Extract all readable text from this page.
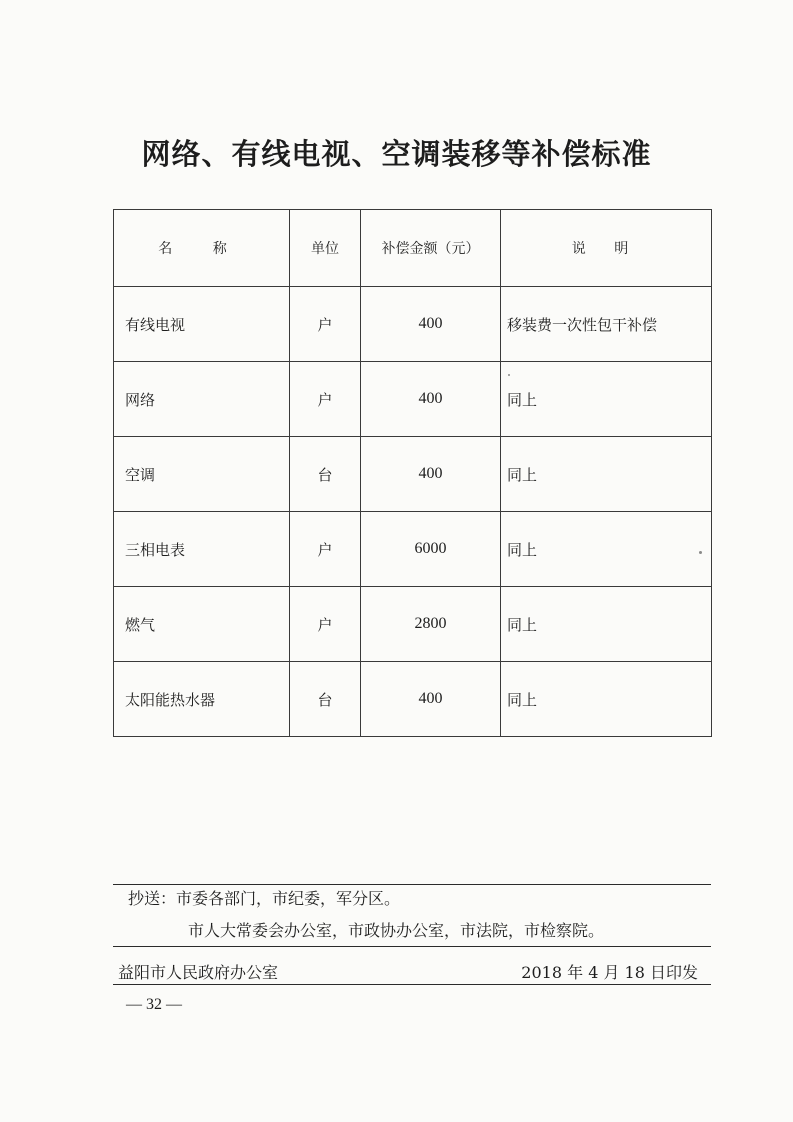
网络、有线电视、空调装移等补偿标准
名 称	单位	补偿金额（元）	说 明
有线电视	户	400	移装费一次性包干补偿
网络	户	400	同上
空调	台	400	同上
三相电表	户	6000	同上
燃气	户	2800	同上
太阳能热水器	台	400	同上
抄送：市委各部门，市纪委，军分区。
市人大常委会办公室，市政协办公室，市法院，市检察院。
益阳市人民政府办公室	2018 年 4 月 18 日印发
— 32 —
